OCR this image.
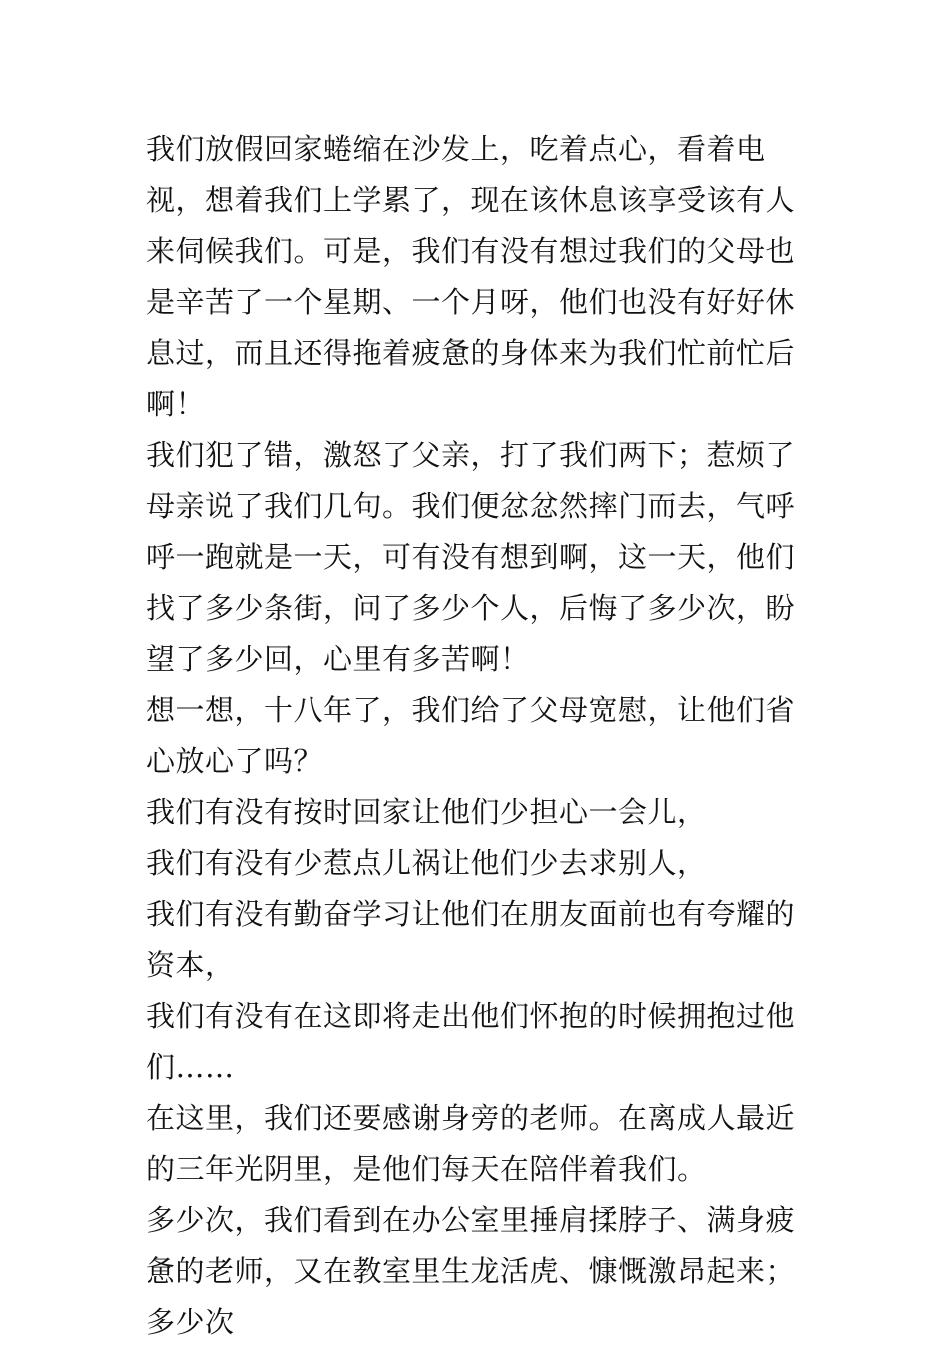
我们放假回家蜷缩在沙发上，吃着点心，看着电视，想着我们上学累了，现在该休息该享受该有人来伺候我们。可是，我们有没有想过我们的父母也是辛苦了一个星期、一个月呀，他们也没有好好休息过，而且还得拖着疲惫的身体来为我们忙前忙后啊！

我们犯了错，激怒了父亲，打了我们两下；惹烦了母亲说了我们几句。我们便忿忿然摔门而去，气呼呼一跑就是一天，可有没有想到啊，这一天，他们找了多少条街，问了多少个人，后悔了多少次，盼望了多少回，心里有多苦啊！

想一想，十八年了，我们给了父母宽慰，让他们省心放心了吗？

我们有没有按时回家让他们少担心一会儿，

我们有没有少惹点儿祸让他们少去求别人，

我们有没有勤奋学习让他们在朋友面前也有夸耀的资本，

我们有没有在这即将走出他们怀抱的时候拥抱过他们……

在这里，我们还要感谢身旁的老师。在离成人最近的三年光阴里，是他们每天在陪伴着我们。

多少次，我们看到在办公室里捶肩揉脖子、满身疲惫的老师，又在教室里生龙活虎、慷慨激昂起来；多少次
